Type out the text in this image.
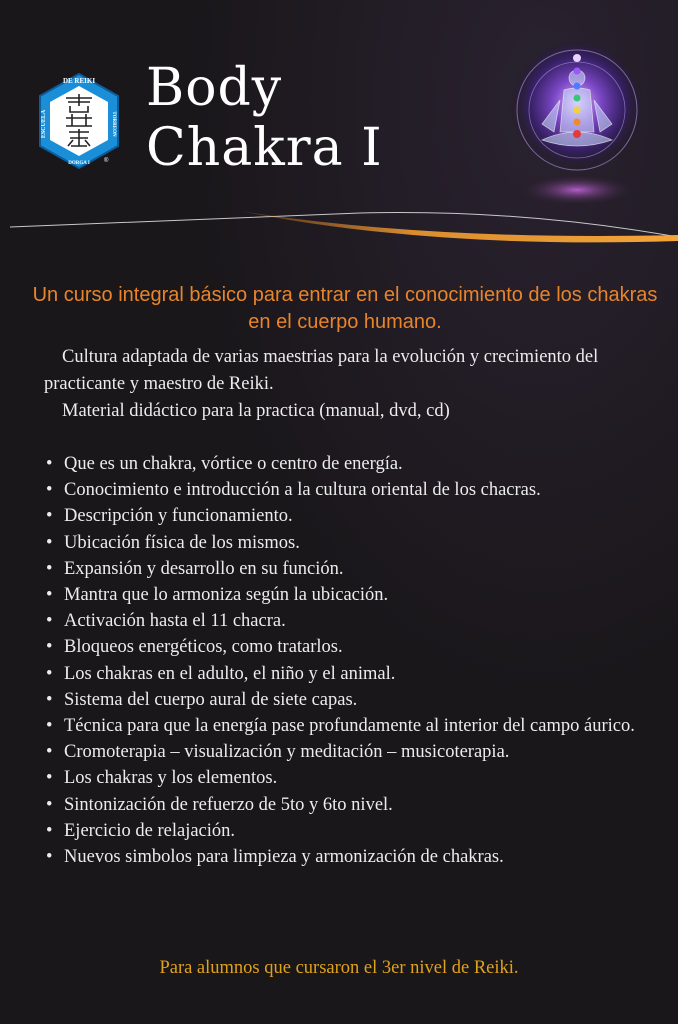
DE REIKI
ESCUELA	TORREON
DORGA I ®
Body
Chakra I
Un curso integral básico para entrar en el conocimiento de los chakras en el cuerpo humano.

Cultura adaptada de varias maestrias para la evolución y crecimiento del practicante y maestro de Reiki.

Material didáctico para la practica (manual, dvd, cd)

• Que es un chakra, vórtice o centro de energía.
• Conocimiento e introducción a la cultura oriental de los chacras.
• Descripción y funcionamiento.
• Ubicación física de los mismos.
• Expansión y desarrollo en su función.
• Mantra que lo armoniza según la ubicación.
• Activación hasta el 11 chacra.
• Bloqueos energéticos, como tratarlos.
• Los chakras en el adulto, el niño y el animal.
• Sistema del cuerpo aural de siete capas.
• Técnica para que la energía pase profundamente al interior del campo áurico.
• Cromoterapia – visualización y meditación – musicoterapia.
• Los chakras y los elementos.
• Sintonización de refuerzo de 5to y 6to nivel.
• Ejercicio de relajación.
• Nuevos simbolos para limpieza y armonización de chakras.
Para alumnos que cursaron el 3er nivel de Reiki.
